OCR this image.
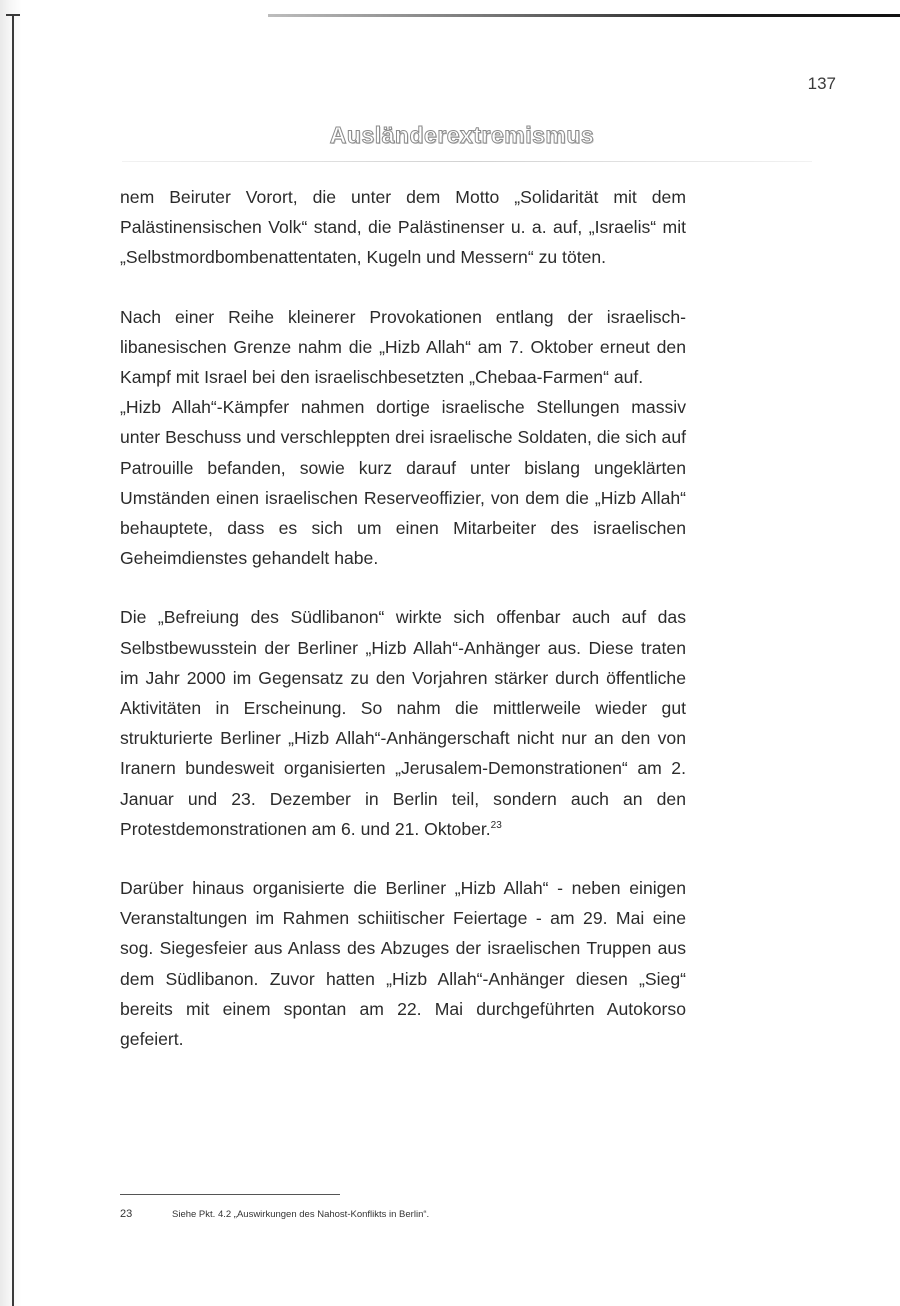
137
Ausländerextremismus

nem Beiruter Vorort, die unter dem Motto „Solidarität mit dem Palästinensischen Volk“ stand, die Palästinenser u. a. auf, „Israelis“ mit „Selbstmordbombenattentaten, Kugeln und Messern“ zu töten.

Nach einer Reihe kleinerer Provokationen entlang der israelisch-libanesischen Grenze nahm die „Hizb Allah“ am 7. Oktober erneut den Kampf mit Israel bei den israelischbesetzten „Chebaa-Farmen“ auf.

„Hizb Allah“-Kämpfer nahmen dortige israelische Stellungen massiv unter Beschuss und verschleppten drei israelische Soldaten, die sich auf Patrouille befanden, sowie kurz darauf unter bislang ungeklärten Umständen einen israelischen Reserveoffizier, von dem die „Hizb Allah“ behauptete, dass es sich um einen Mitarbeiter des israelischen Geheimdienstes gehandelt habe.

Die „Befreiung des Südlibanon“ wirkte sich offenbar auch auf das Selbstbewusstein der Berliner „Hizb Allah“-Anhänger aus. Diese traten im Jahr 2000 im Gegensatz zu den Vorjahren stärker durch öffentliche Aktivitäten in Erscheinung. So nahm die mittlerweile wieder gut strukturierte Berliner „Hizb Allah“-Anhängerschaft nicht nur an den von Iranern bundesweit organisierten „Jerusalem-Demonstrationen“ am 2. Januar und 23. Dezember in Berlin teil, sondern auch an den Protestdemonstrationen am 6. und 21. Oktober.$^{23}$

Darüber hinaus organisierte die Berliner „Hizb Allah“ - neben einigen Veranstaltungen im Rahmen schiitischer Feiertage - am 29. Mai eine sog. Siegesfeier aus Anlass des Abzuges der israelischen Truppen aus dem Südlibanon. Zuvor hatten „Hizb Allah“-Anhänger diesen „Sieg“ bereits mit einem spontan am 22. Mai durchgeführten Autokorso gefeiert.

23	Siehe Pkt. 4.2 „Auswirkungen des Nahost-Konflikts in Berlin“.
